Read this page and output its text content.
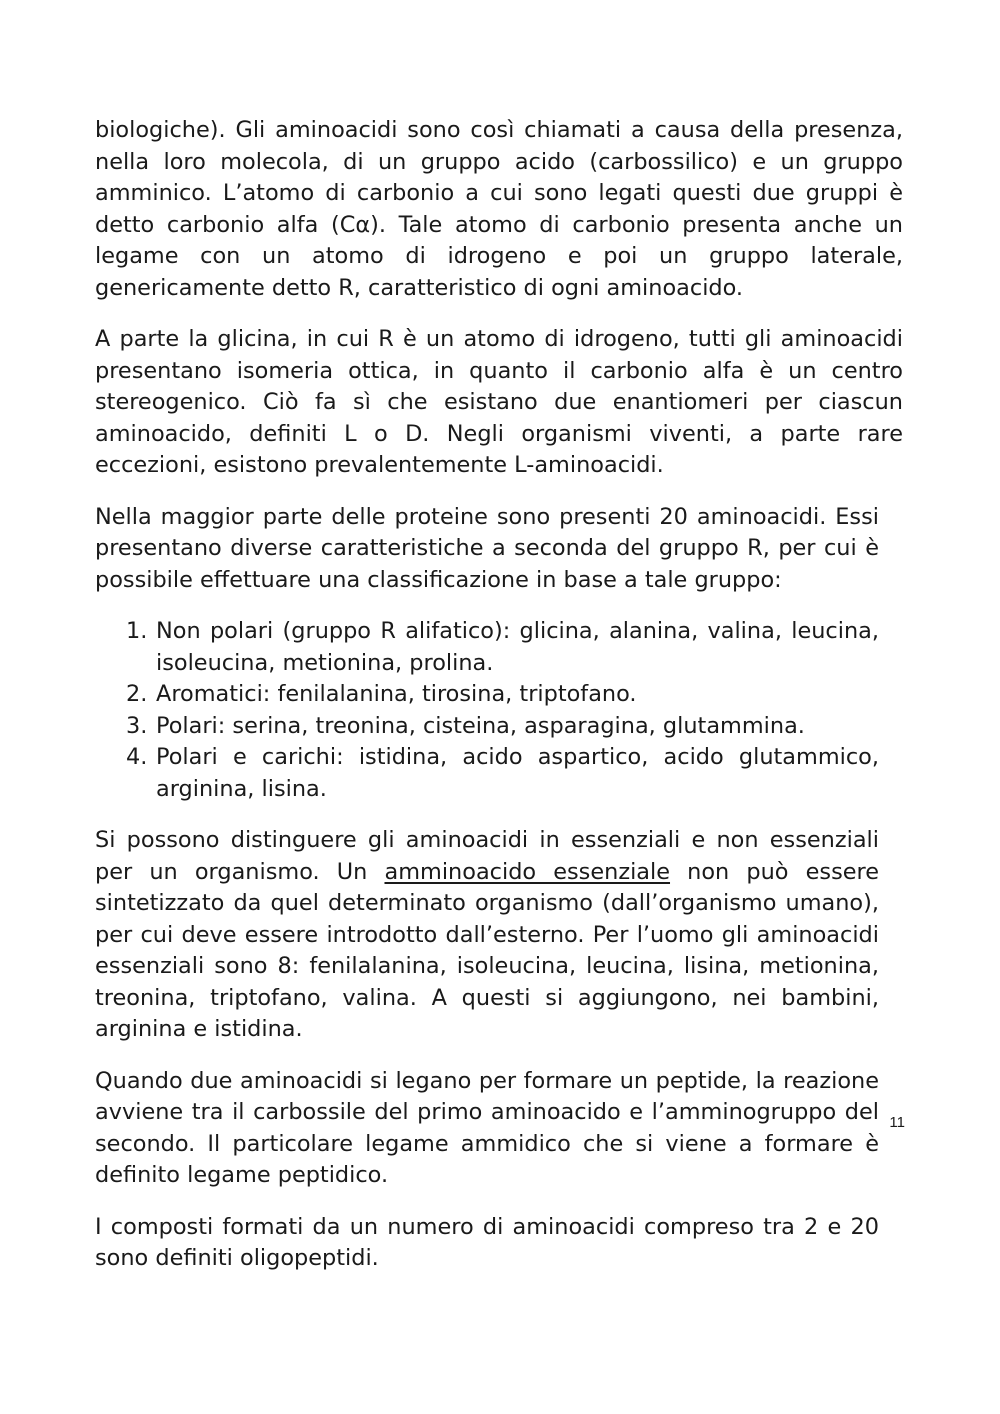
biologiche). Gli aminoacidi sono così chiamati a causa della presenza, nella loro molecola, di un gruppo acido (carbossilico) e un gruppo amminico. L’atomo di carbonio a cui sono legati questi due gruppi è detto carbonio alfa (Cα). Tale atomo di carbonio presenta anche un legame con un atomo di idrogeno e poi un gruppo laterale, genericamente detto R, caratteristico di ogni aminoacido.

A parte la glicina, in cui R è un atomo di idrogeno, tutti gli aminoacidi presentano isomeria ottica, in quanto il carbonio alfa è un centro stereogenico. Ciò fa sì che esistano due enantiomeri per ciascun aminoacido, definiti L o D. Negli organismi viventi, a parte rare eccezioni, esistono prevalentemente L-aminoacidi.

Nella maggior parte delle proteine sono presenti 20 aminoacidi. Essi presentano diverse caratteristiche a seconda del gruppo R, per cui è possibile effettuare una classificazione in base a tale gruppo:

1. Non polari (gruppo R alifatico): glicina, alanina, valina, leucina, isoleucina, metionina, prolina.
2. Aromatici: fenilalanina, tirosina, triptofano.
3. Polari: serina, treonina, cisteina, asparagina, glutammina.
4. Polari e carichi: istidina, acido aspartico, acido glutammico, arginina, lisina.

Si possono distinguere gli aminoacidi in essenziali e non essenziali per un organismo. Un amminoacido essenziale non può essere sintetizzato da quel determinato organismo (dall’organismo umano), per cui deve essere introdotto dall’esterno. Per l’uomo gli aminoacidi essenziali sono 8: fenilalanina, isoleucina, leucina, lisina, metionina, treonina, triptofano, valina. A questi si aggiungono, nei bambini, arginina e istidina.

Quando due aminoacidi si legano per formare un peptide, la reazione avviene tra il carbossile del primo aminoacido e l’amminogruppo del secondo. Il particolare legame ammidico che si viene a formare è definito legame peptidico.

I composti formati da un numero di aminoacidi compreso tra 2 e 20 sono definiti oligopeptidi.

11
